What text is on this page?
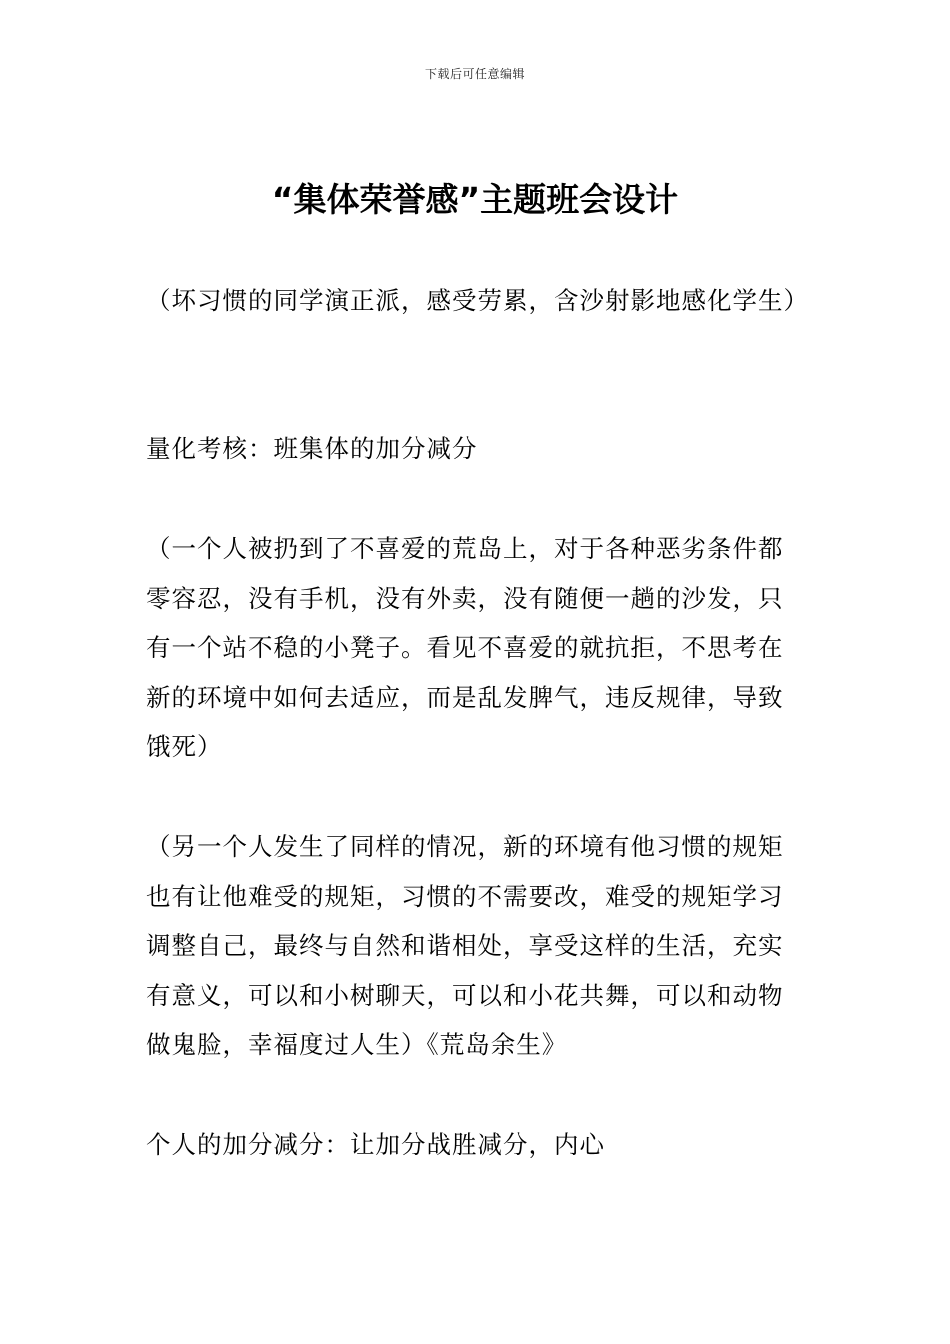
下载后可任意编辑
“集体荣誉感”主题班会设计

（坏习惯的同学演正派，感受劳累，含沙射影地感化学生）

量化考核：班集体的加分减分

（一个人被扔到了不喜爱的荒岛上，对于各种恶劣条件都零容忍，没有手机，没有外卖，没有随便一趟的沙发，只有一个站不稳的小凳子。看见不喜爱的就抗拒，不思考在新的环境中如何去适应，而是乱发脾气，违反规律，导致饿死）

（另一个人发生了同样的情况，新的环境有他习惯的规矩也有让他难受的规矩，习惯的不需要改，难受的规矩学习调整自己，最终与自然和谐相处，享受这样的生活，充实有意义，可以和小树聊天，可以和小花共舞，可以和动物做鬼脸，幸福度过人生）《荒岛余生》

个人的加分减分：让加分战胜减分，内心
